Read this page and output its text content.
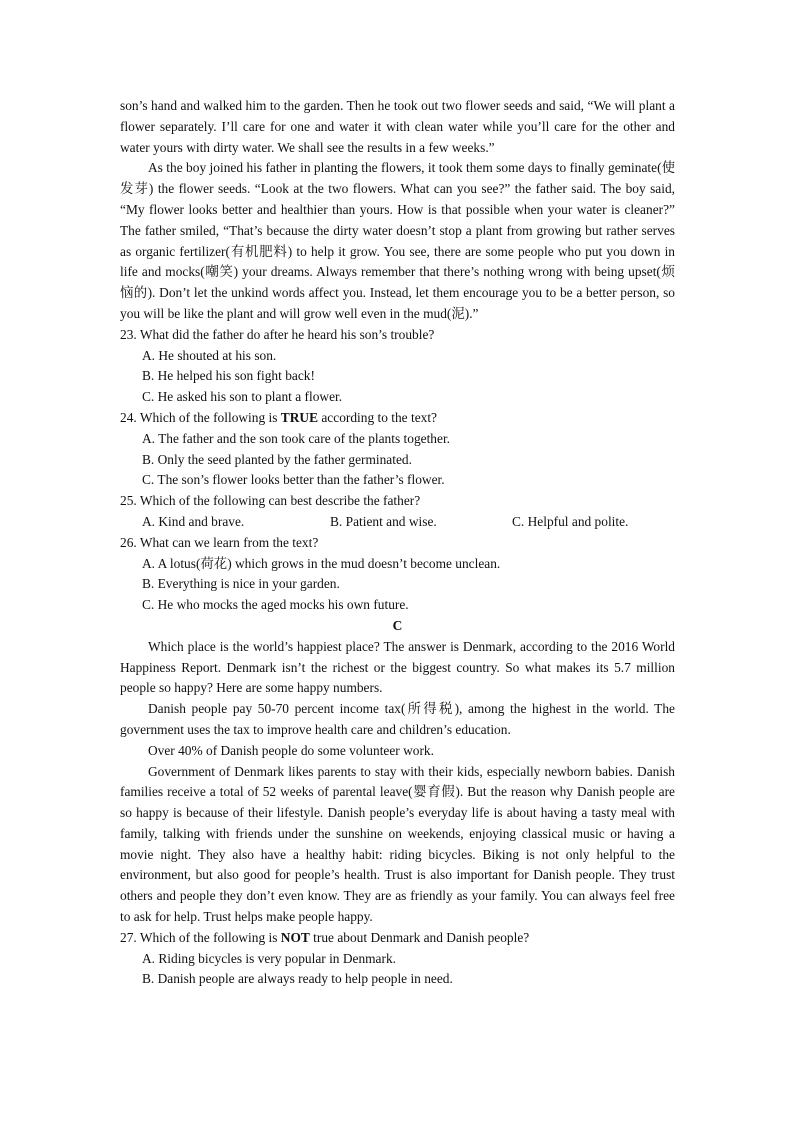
son’s hand and walked him to the garden. Then he took out two flower seeds and said, “We will plant a flower separately. I’ll care for one and water it with clean water while you’ll care for the other and water yours with dirty water. We shall see the results in a few weeks.”

As the boy joined his father in planting the flowers, it took them some days to finally geminate(使发芽) the flower seeds. “Look at the two flowers. What can you see?” the father said. The boy said, “My flower looks better and healthier than yours. How is that possible when your water is cleaner?” The father smiled, “That’s because the dirty water doesn’t stop a plant from growing but rather serves as organic fertilizer(有机肥料) to help it grow. You see, there are some people who put you down in life and mocks(嘲笑) your dreams. Always remember that there’s nothing wrong with being upset(烦恼的). Don’t let the unkind words affect you. Instead, let them encourage you to be a better person, so you will be like the plant and will grow well even in the mud(泥).”

23. What did the father do after he heard his son’s trouble?

A. He shouted at his son.

B. He helped his son fight back!

C. He asked his son to plant a flower.

24. Which of the following is TRUE according to the text?

A. The father and the son took care of the plants together.

B. Only the seed planted by the father germinated.

C. The son’s flower looks better than the father’s flower.

25. Which of the following can best describe the father?

A. Kind and brave.	B. Patient and wise.	C. Helpful and polite.

26. What can we learn from the text?

A. A lotus(荷花) which grows in the mud doesn’t become unclean.

B. Everything is nice in your garden.

C. He who mocks the aged mocks his own future.

C

Which place is the world’s happiest place? The answer is Denmark, according to the 2016 World Happiness Report. Denmark isn’t the richest or the biggest country. So what makes its 5.7 million people so happy? Here are some happy numbers.

Danish people pay 50-70 percent income tax(所得税), among the highest in the world. The government uses the tax to improve health care and children’s education.

Over 40% of Danish people do some volunteer work.

Government of Denmark likes parents to stay with their kids, especially newborn babies. Danish families receive a total of 52 weeks of parental leave(婴育假). But the reason why Danish people are so happy is because of their lifestyle. Danish people’s everyday life is about having a tasty meal with family, talking with friends under the sunshine on weekends, enjoying classical music or having a movie night. They also have a healthy habit: riding bicycles. Biking is not only helpful to the environment, but also good for people’s health. Trust is also important for Danish people. They trust others and people they don’t even know. They are as friendly as your family. You can always feel free to ask for help. Trust helps make people happy.

27. Which of the following is NOT true about Denmark and Danish people?

A. Riding bicycles is very popular in Denmark.

B. Danish people are always ready to help people in need.
